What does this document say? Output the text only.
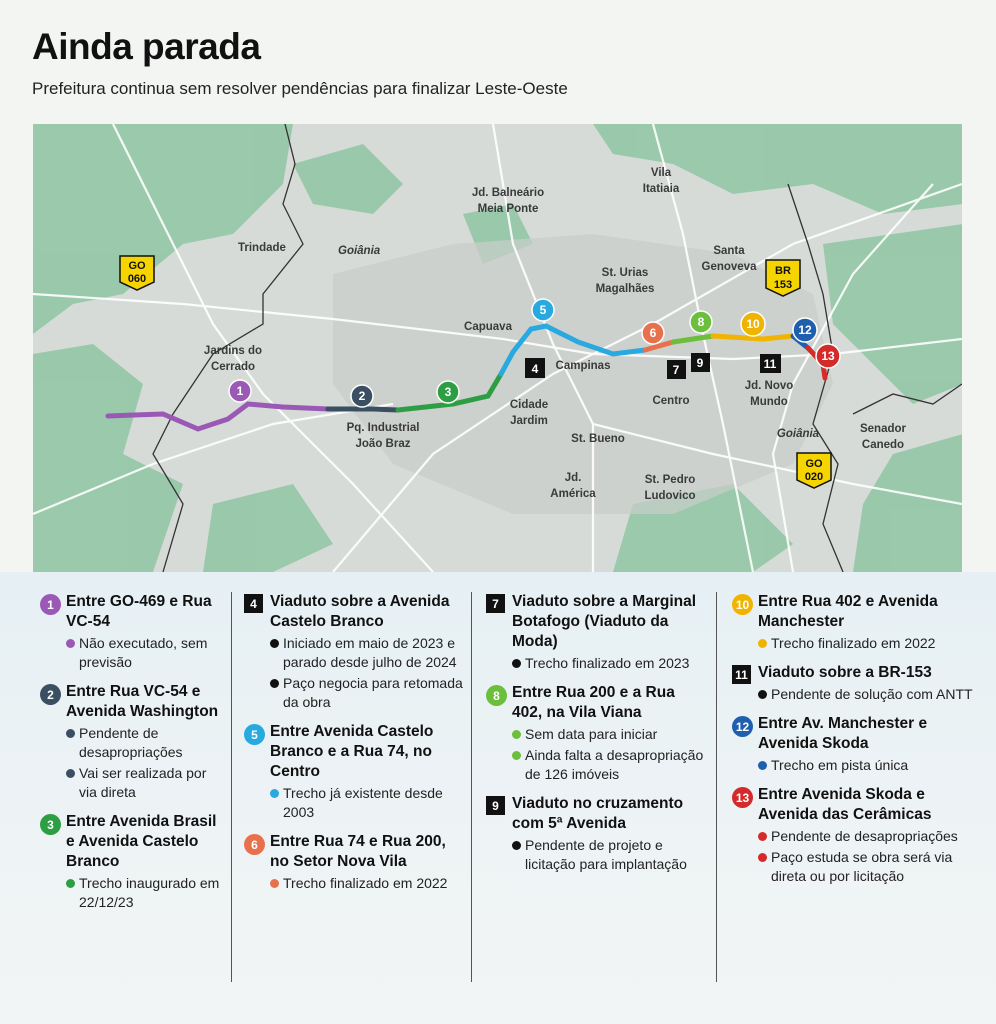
Ainda parada

Prefeitura continua sem resolver pendências para finalizar Leste-Oeste

Trindade	Goiânia
Jd. Balneário
Meia Ponte
Vila
Itatiaia
Santa
Genoveva
St. Urias
Magalhães
Capuava
Campinas
Jardins do
Cerrado
Pq. Industrial
João Braz
Cidade
Jardim
Centro
St. Bueno
Jd.
América
St. Pedro
Ludovico
Jd. Novo
Mundo
Goiânia	Senador
Canedo
GO
060
BR
153
GO
020
1	2	3
4
5
6
7
8
9
10
11
12
13
1 Entre GO-469 e Rua VC-54
Não executado, sem previsão
2 Entre Rua VC-54 e Avenida Washington
Pendente de desapropriações
Vai ser realizada por via direta
3 Entre Avenida Brasil e Avenida Castelo Branco
Trecho inaugurado em 22/12/23
4 Viaduto sobre a Avenida Castelo Branco
Iniciado em maio de 2023 e parado desde julho de 2024
Paço negocia para retomada da obra
5 Entre Avenida Castelo Branco e a Rua 74, no Centro
Trecho já existente desde 2003
6 Entre Rua 74 e Rua 200, no Setor Nova Vila
Trecho finalizado em 2022
7 Viaduto sobre a Marginal Botafogo (Viaduto da Moda)
Trecho finalizado em 2023
8 Entre Rua 200 e a Rua 402, na Vila Viana
Sem data para iniciar
Ainda falta a desapropriação de 126 imóveis
9 Viaduto no cruzamento com 5ª Avenida
Pendente de projeto e licitação para implantação
10 Entre Rua 402 e Avenida Manchester
Trecho finalizado em 2022
11 Viaduto sobre a BR-153
Pendente de solução com ANTT
12 Entre Av. Manchester e Avenida Skoda
Trecho em pista única
13 Entre Avenida Skoda e Avenida das Cerâmicas
Pendente de desapropriações
Paço estuda se obra será via direta ou por licitação
